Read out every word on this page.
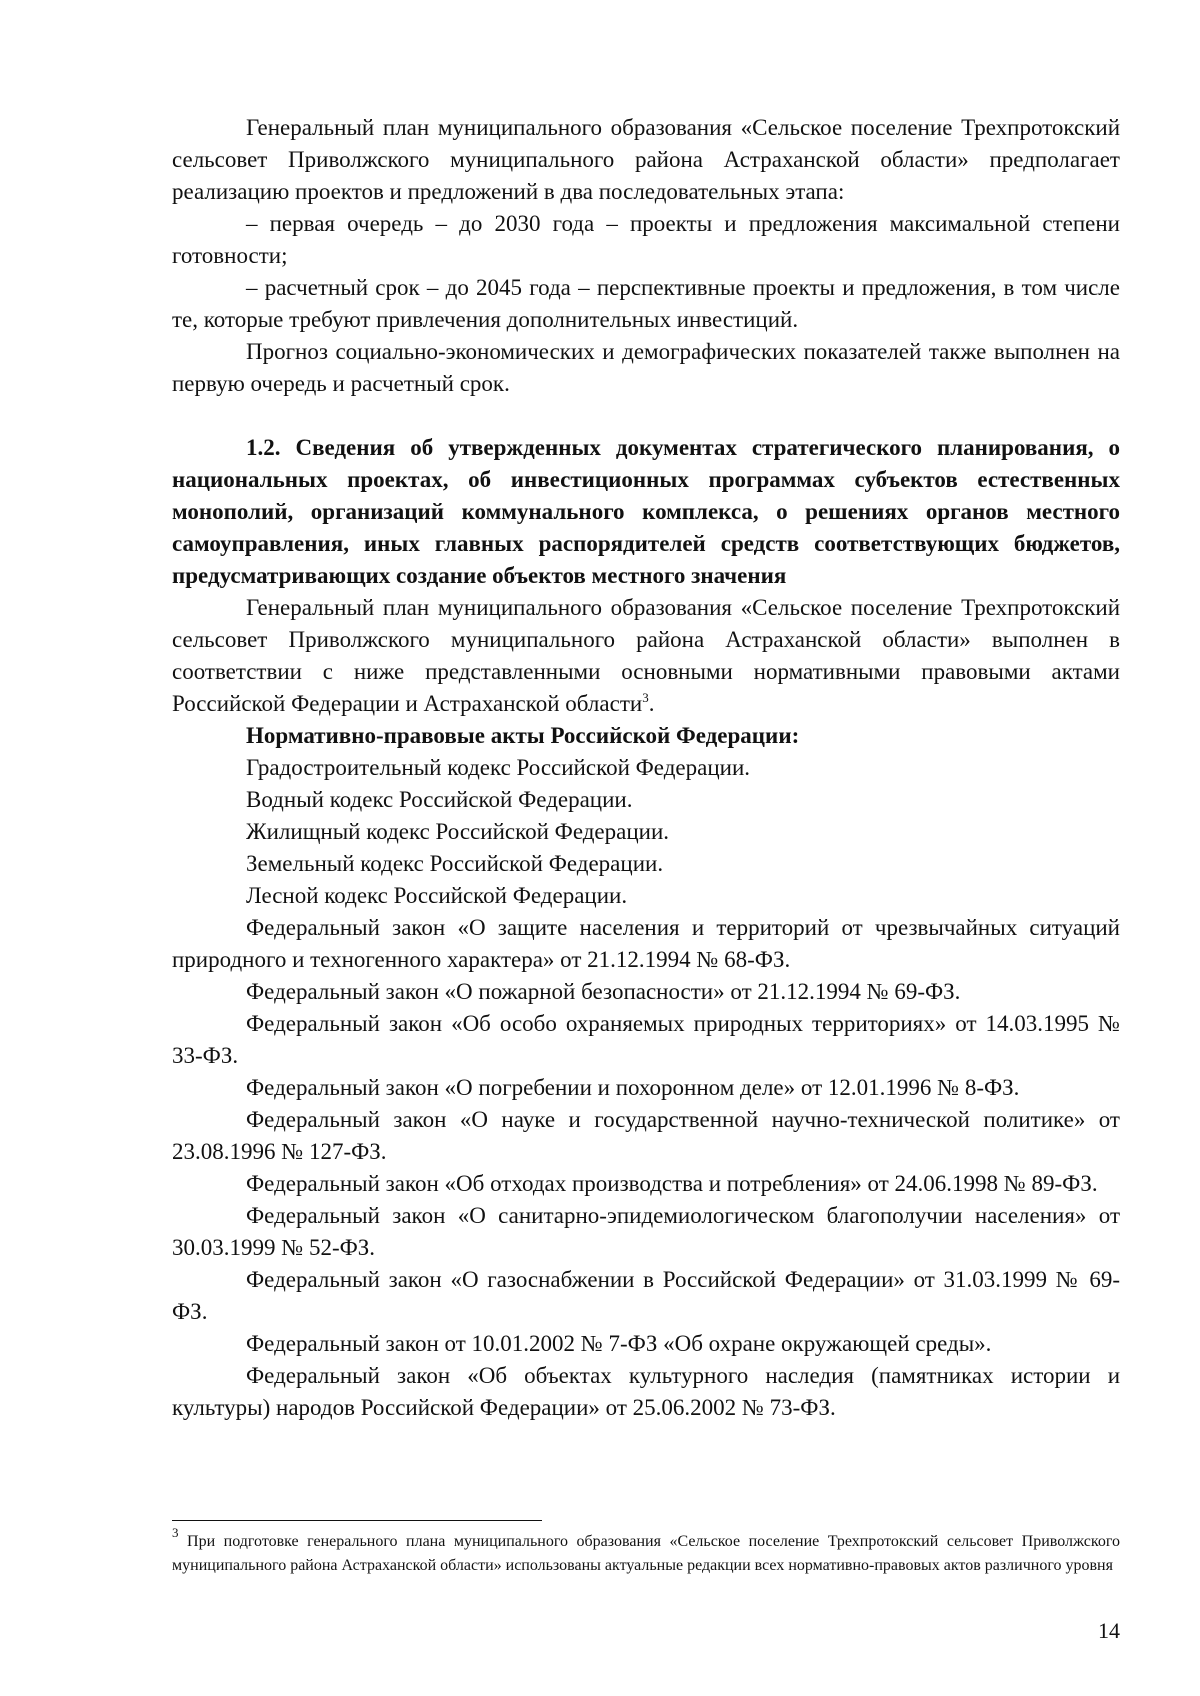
Генеральный план муниципального образования «Сельское поселение Трехпротокский сельсовет Приволжского муниципального района Астраханской области» предполагает реализацию проектов и предложений в два последовательных этапа:

– первая очередь – до 2030 года – проекты и предложения максимальной степени готовности;

– расчетный срок – до 2045 года – перспективные проекты и предложения, в том числе те, которые требуют привлечения дополнительных инвестиций.

Прогноз социально-экономических и демографических показателей также выполнен на первую очередь и расчетный срок.

1.2. Сведения об утвержденных документах стратегического планирования, о национальных проектах, об инвестиционных программах субъектов естественных монополий, организаций коммунального комплекса, о решениях органов местного самоуправления, иных главных распорядителей средств соответствующих бюджетов, предусматривающих создание объектов местного значения

Генеральный план муниципального образования «Сельское поселение Трехпротокский сельсовет Приволжского муниципального района Астраханской области» выполнен в соответствии с ниже представленными основными нормативными правовыми актами Российской Федерации и Астраханской области$^3$.

Нормативно-правовые акты Российской Федерации:

Градостроительный кодекс Российской Федерации.

Водный кодекс Российской Федерации.

Жилищный кодекс Российской Федерации.

Земельный кодекс Российской Федерации.

Лесной кодекс Российской Федерации.

Федеральный закон «О защите населения и территорий от чрезвычайных ситуаций природного и техногенного характера» от 21.12.1994 № 68-ФЗ.

Федеральный закон «О пожарной безопасности» от 21.12.1994 № 69-ФЗ.

Федеральный закон «Об особо охраняемых природных территориях» от 14.03.1995 № 33-ФЗ.

Федеральный закон «О погребении и похоронном деле» от 12.01.1996 № 8-ФЗ.

Федеральный закон «О науке и государственной научно-технической политике» от 23.08.1996 № 127-ФЗ.

Федеральный закон «Об отходах производства и потребления» от 24.06.1998 № 89-ФЗ.

Федеральный закон «О санитарно-эпидемиологическом благополучии населения» от 30.03.1999 № 52-ФЗ.

Федеральный закон «О газоснабжении в Российской Федерации» от 31.03.1999 № 69-ФЗ.

Федеральный закон от 10.01.2002 № 7-ФЗ «Об охране окружающей среды».

Федеральный закон «Об объектах культурного наследия (памятниках истории и культуры) народов Российской Федерации» от 25.06.2002 № 73-ФЗ.

$^3$ При подготовке генерального плана муниципального образования «Сельское поселение Трехпротокский сельсовет Приволжского муниципального района Астраханской области» использованы актуальные редакции всех нормативно-правовых актов различного уровня

14
